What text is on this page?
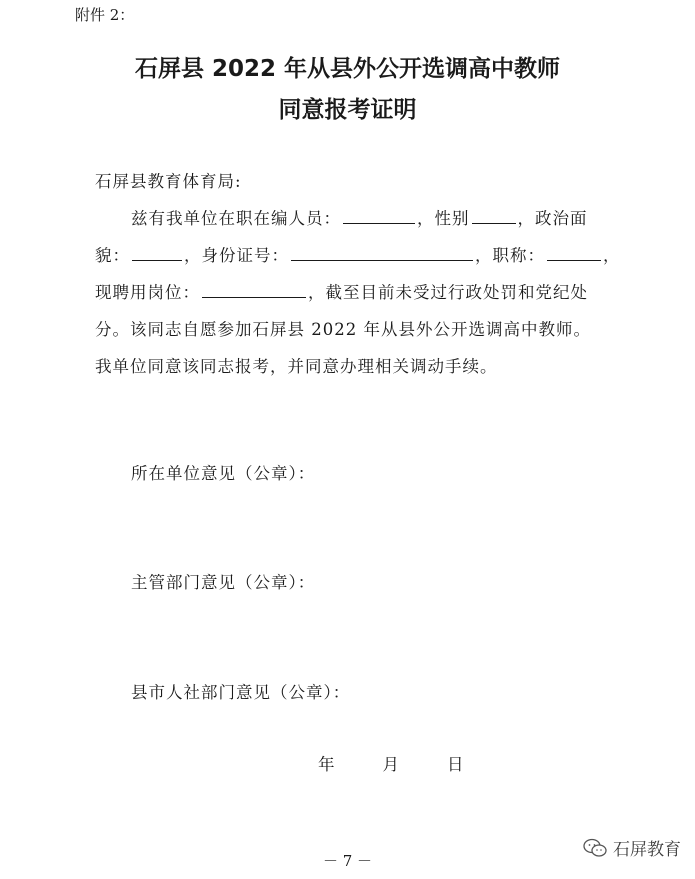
附件 2：
石屏县 2022 年从县外公开选调高中教师
同意报考证明
石屏县教育体育局:
兹有我单位在职在编人员：	，性别	，政治面
貌：	，身份证号：	，职称：	，
现聘用岗位：	，截至目前未受过行政处罚和党纪处
分。该同志自愿参加石屏县 2022 年从县外公开选调高中教师。
我单位同意该同志报考，并同意办理相关调动手续。
所在单位意见（公章）：
主管部门意见（公章）：
县市人社部门意见（公章）：
年	月	日
－ 7 －
石屏教育
